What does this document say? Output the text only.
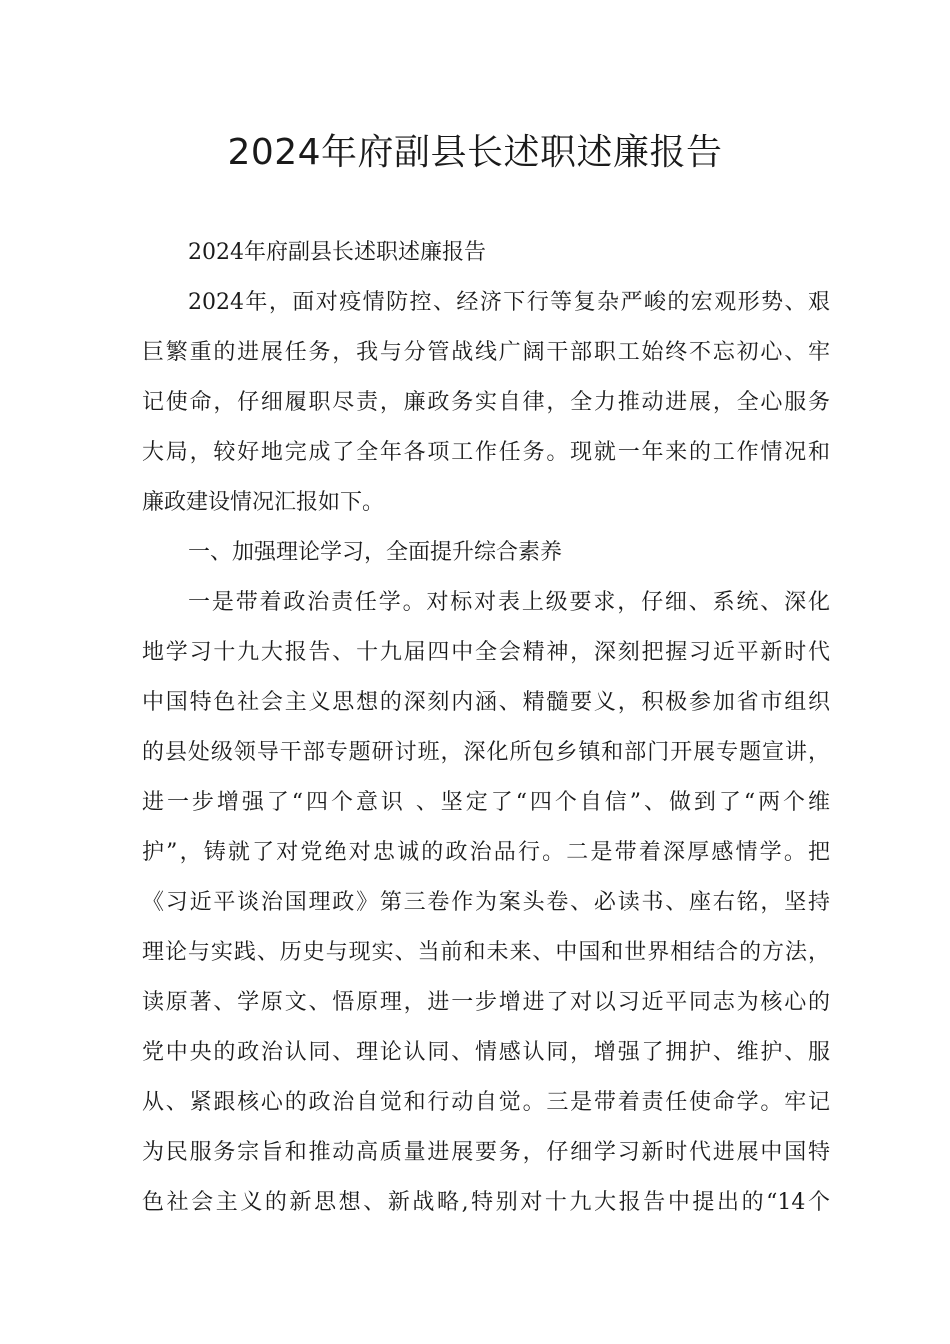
2024年府副县长述职述廉报告
2024年府副县长述职述廉报告
2024年，面对疫情防控、经济下行等复杂严峻的宏观形势、艰
巨繁重的进展任务，我与分管战线广阔干部职工始终不忘初心、牢
记使命，仔细履职尽责，廉政务实自律，全力推动进展，全心服务
大局，较好地完成了全年各项工作任务。现就一年来的工作情况和
廉政建设情况汇报如下。
一、加强理论学习，全面提升综合素养
一是带着政治责任学。对标对表上级要求，仔细、系统、深化
地学习十九大报告、十九届四中全会精神，深刻把握习近平新时代
中国特色社会主义思想的深刻内涵、精髓要义，积极参加省市组织
的县处级领导干部专题研讨班，深化所包乡镇和部门开展专题宣讲，
进一步增强了“四个意识 、坚定了“四个自信”、做到了“两个维
护”，铸就了对党绝对忠诚的政治品行。二是带着深厚感情学。把
《习近平谈治国理政》第三卷作为案头卷、必读书、座右铭，坚持
理论与实践、历史与现实、当前和未来、中国和世界相结合的方法，
读原著、学原文、悟原理，进一步增进了对以习近平同志为核心的
党中央的政治认同、理论认同、情感认同，增强了拥护、维护、服
从、紧跟核心的政治自觉和行动自觉。三是带着责任使命学。牢记
为民服务宗旨和推动高质量进展要务，仔细学习新时代进展中国特
色社会主义的新思想、新战略,特别对十九大报告中提出的“14个
